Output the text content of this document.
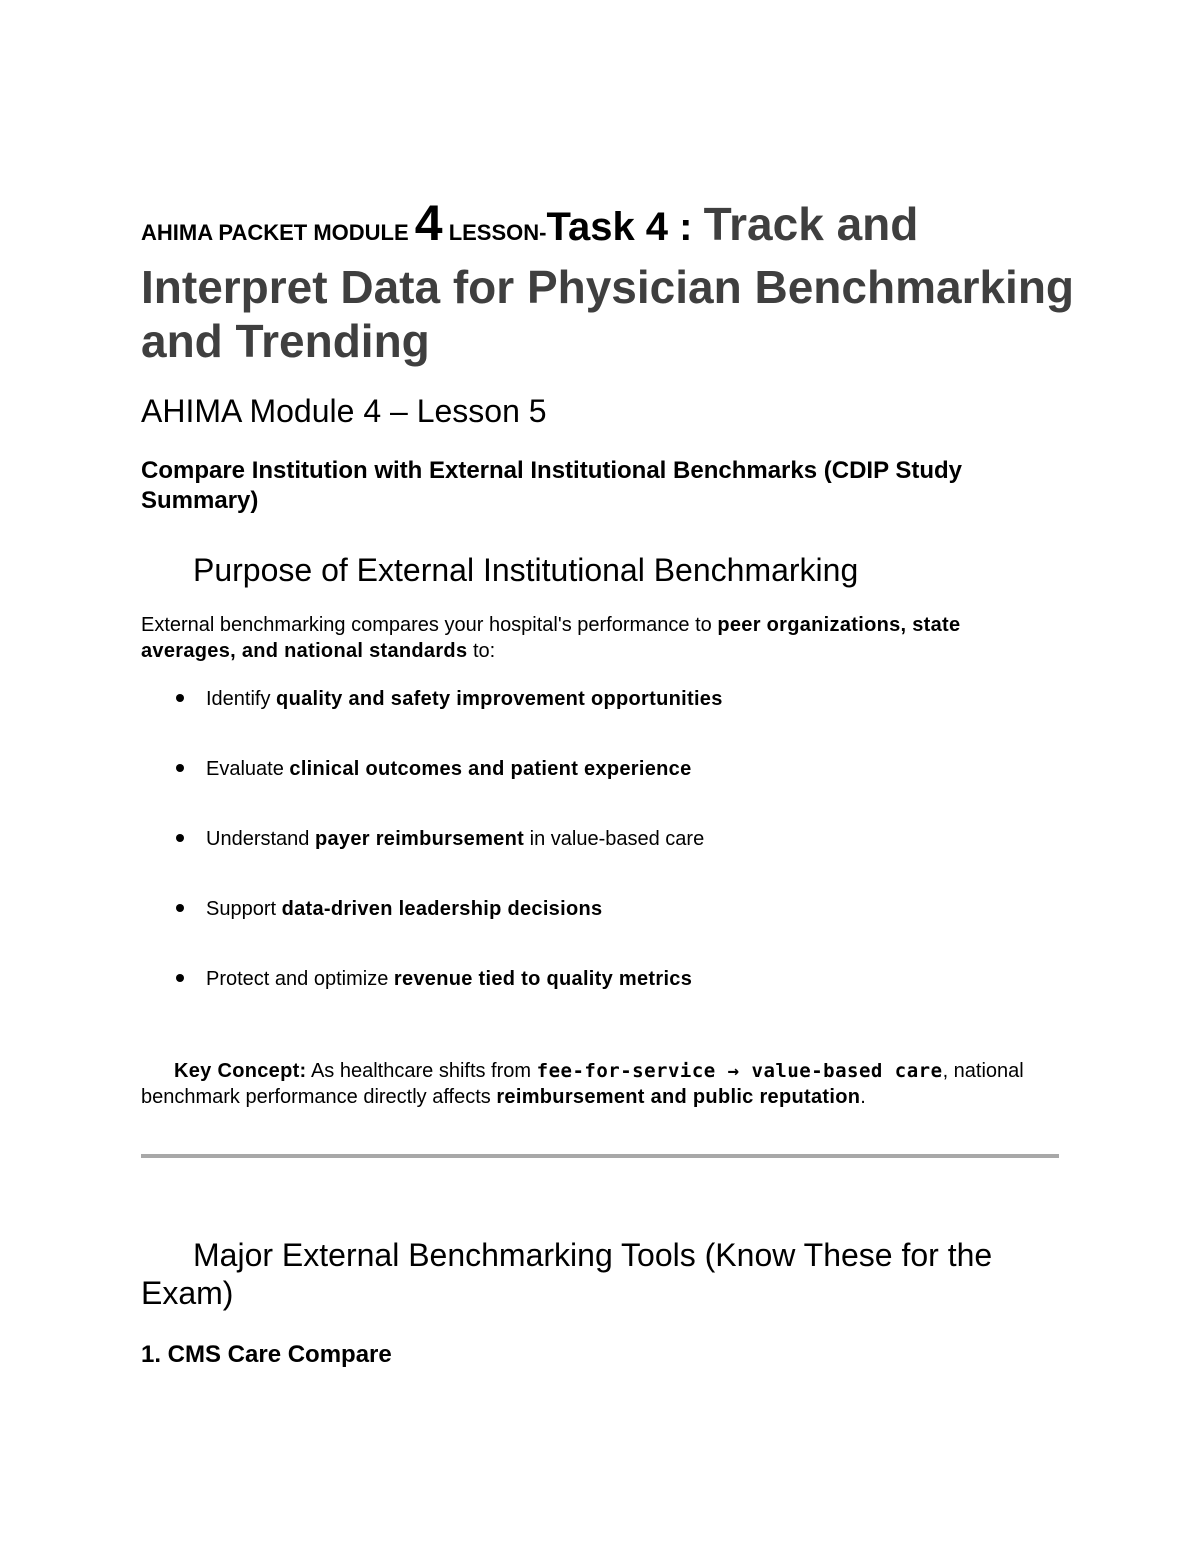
AHIMA PACKET MODULE 4 LESSON-Task 4 : Track and Interpret Data for Physician Benchmarking and Trending
AHIMA Module 4 – Lesson 5
Compare Institution with External Institutional Benchmarks (CDIP Study Summary)
Purpose of External Institutional Benchmarking
External benchmarking compares your hospital's performance to peer organizations, state averages, and national standards to:
Identify quality and safety improvement opportunities
Evaluate clinical outcomes and patient experience
Understand payer reimbursement in value-based care
Support data-driven leadership decisions
Protect and optimize revenue tied to quality metrics
Key Concept: As healthcare shifts from fee-for-service → value-based care, national benchmark performance directly affects reimbursement and public reputation.
Major External Benchmarking Tools (Know These for the Exam)
1. CMS Care Compare
